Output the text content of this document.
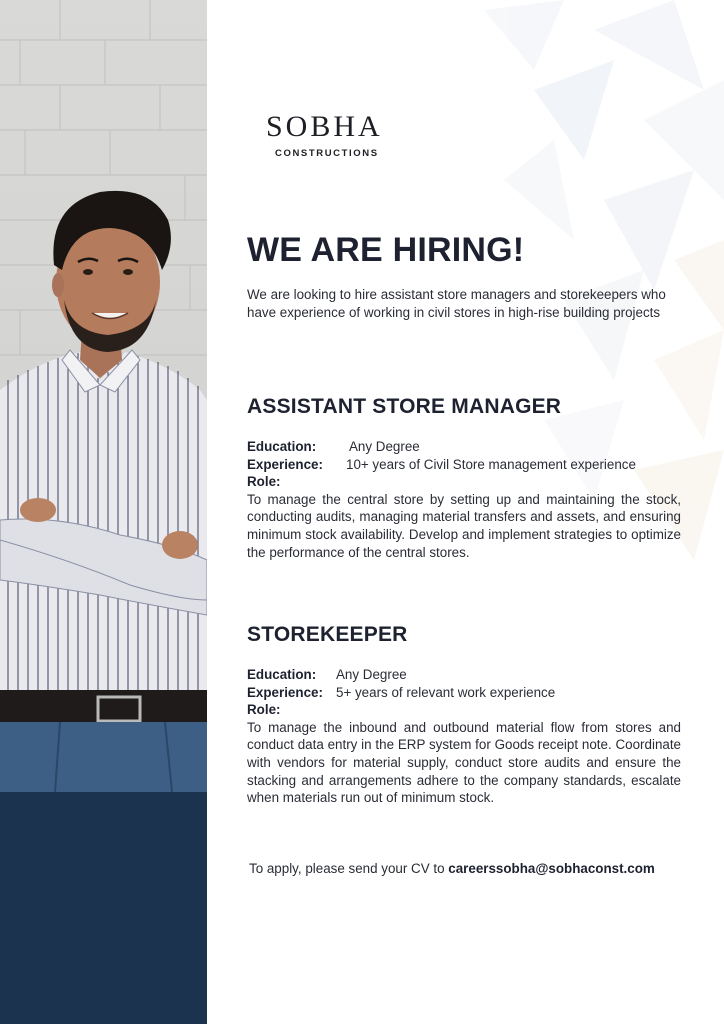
SOBHA
CONSTRUCTIONS
WE ARE HIRING!

We are looking to hire assistant store managers and storekeepers who have experience of working in civil stores in high-rise building projects

ASSISTANT STORE MANAGER
Education: Any Degree
Experience: 10+ years of Civil Store management experience
Role:

To manage the central store by setting up and maintaining the stock, conducting audits, managing material transfers and assets, and ensuring minimum stock availability. Develop and implement strategies to optimize the performance of the central stores.

STOREKEEPER
Education: Any Degree
Experience: 5+ years of relevant work experience
Role:

To manage the inbound and outbound material flow from stores and conduct data entry in the ERP system for Goods receipt note. Coordinate with vendors for material supply, conduct store audits and ensure the stacking and arrangements adhere to the company standards, escalate when materials run out of minimum stock.

To apply, please send your CV to careerssobha@sobhaconst.com
